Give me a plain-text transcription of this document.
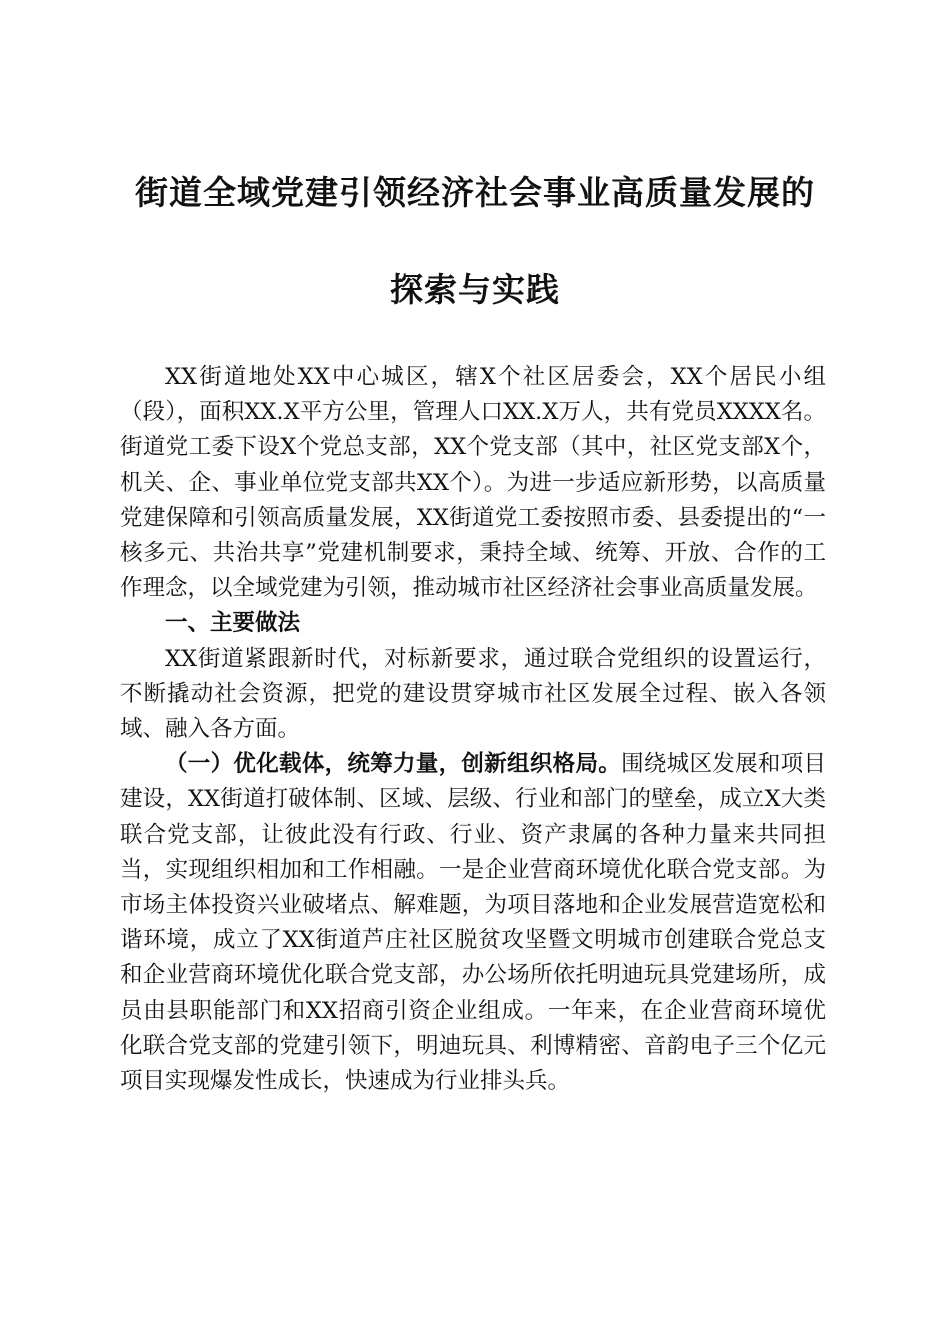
街道全域党建引领经济社会事业高质量发展的
探索与实践

XX街道地处XX中心城区，辖X个社区居委会，XX个居民小组（段），面积XX.X平方公里，管理人口XX.X万人，共有党员XXXX名。街道党工委下设X个党总支部，XX个党支部（其中，社区党支部X个，机关、企、事业单位党支部共XX个）。为进一步适应新形势，以高质量党建保障和引领高质量发展，XX街道党工委按照市委、县委提出的“一核多元、共治共享”党建机制要求，秉持全域、统筹、开放、合作的工作理念，以全域党建为引领，推动城市社区经济社会事业高质量发展。

一、主要做法

XX街道紧跟新时代，对标新要求，通过联合党组织的设置运行，不断撬动社会资源，把党的建设贯穿城市社区发展全过程、嵌入各领域、融入各方面。

（一）优化载体，统筹力量，创新组织格局。围绕城区发展和项目建设，XX街道打破体制、区域、层级、行业和部门的壁垒，成立X大类联合党支部，让彼此没有行政、行业、资产隶属的各种力量来共同担当，实现组织相加和工作相融。一是企业营商环境优化联合党支部。为市场主体投资兴业破堵点、解难题，为项目落地和企业发展营造宽松和谐环境，成立了XX街道芦庄社区脱贫攻坚暨文明城市创建联合党总支和企业营商环境优化联合党支部，办公场所依托明迪玩具党建场所，成员由县职能部门和XX招商引资企业组成。一年来，在企业营商环境优化联合党支部的党建引领下，明迪玩具、利博精密、音韵电子三个亿元项目实现爆发性成长，快速成为行业排头兵。
